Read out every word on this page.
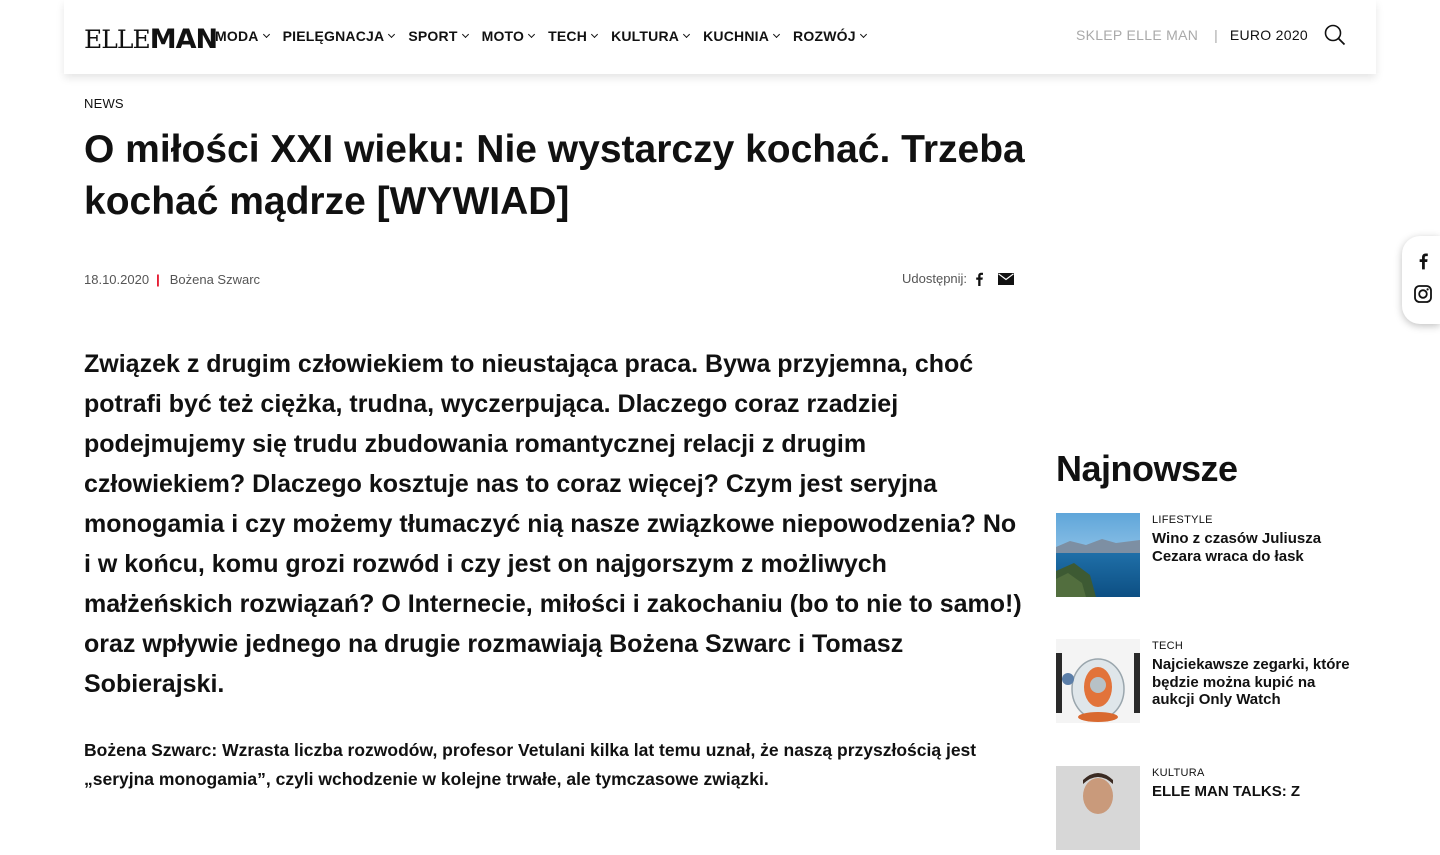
ELLE MAN
MODA PIELĘGNACJA SPORT MOTO TECH KULTURA KUCHNIA ROZWÓJ	SKLEP ELLE MAN | EURO 2020
NEWS
O miłości XXI wieku: Nie wystarczy kochać. Trzeba kochać mądrze [WYWIAD]
18.10.2020 | Bożena Szwarc	Udostępnij:

Związek z drugim człowiekiem to nieustająca praca. Bywa przyjemna, choć potrafi być też ciężka, trudna, wyczerpująca. Dlaczego coraz rzadziej podejmujemy się trudu zbudowania romantycznej relacji z drugim człowiekiem? Dlaczego kosztuje nas to coraz więcej? Czym jest seryjna monogamia i czy możemy tłumaczyć nią nasze związkowe niepowodzenia? No i w końcu, komu grozi rozwód i czy jest on najgorszym z możliwych małżeńskich rozwiązań? O Internecie, miłości i zakochaniu (bo to nie to samo!) oraz wpływie jednego na drugie rozmawiają Bożena Szwarc i Tomasz Sobierajski.

Bożena Szwarc: Wzrasta liczba rozwodów, profesor Vetulani kilka lat temu uznał, że naszą przyszłością jest „seryjna monogamia”, czyli wchodzenie w kolejne trwałe, ale tymczasowe związki.

Najnowsze
LIFESTYLE
Wino z czasów Juliusza Cezara wraca do łask
TECH
Najciekawsze zegarki, które będzie można kupić na aukcji Only Watch
KULTURA
ELLE MAN TALKS: Z
